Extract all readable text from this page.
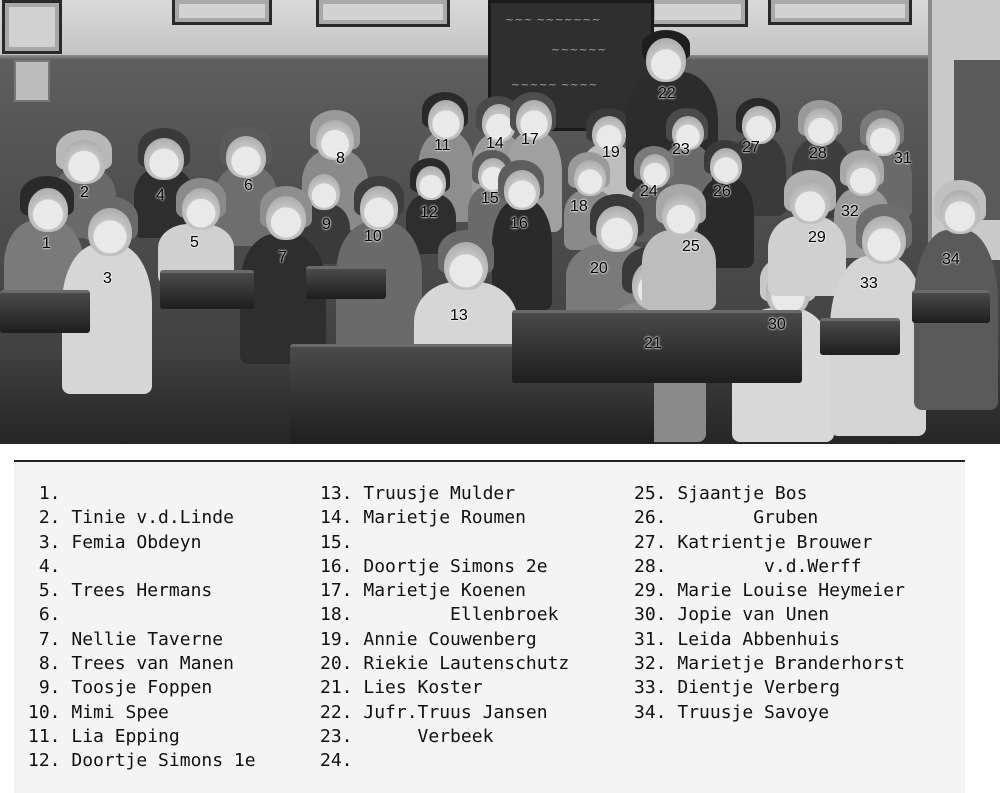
~~~ ~~~~~~~
~~~~~~
~~~~~ ~~~~
1
2
3
4
5
6
7
8
9
10
11
12
13
14
15
16
17
18
19
20
21
22
23
24
25
26
27	28
29
30
31
32
33
34
1.
2. Tinie v.d.Linde
3. Femia Obdeyn
4.
5. Trees Hermans
6.
7. Nellie Taverne
8. Trees van Manen
9. Toosje Foppen
10. Mimi Spee
11. Lia Epping
12. Doortje Simons 1e
13. Truusje Mulder
14. Marietje Roumen
15.
16. Doortje Simons 2e
17. Marietje Koenen
18.         Ellenbroek
19. Annie Couwenberg
20. Riekie Lautenschutz
21. Lies Koster
22. Jufr.Truus Jansen
23.      Verbeek
24.
25. Sjaantje Bos
26.        Gruben
27. Katrientje Brouwer
28.         v.d.Werff
29. Marie Louise Heymeier
30. Jopie van Unen
31. Leida Abbenhuis
32. Marietje Branderhorst
33. Dientje Verberg
34. Truusje Savoye
